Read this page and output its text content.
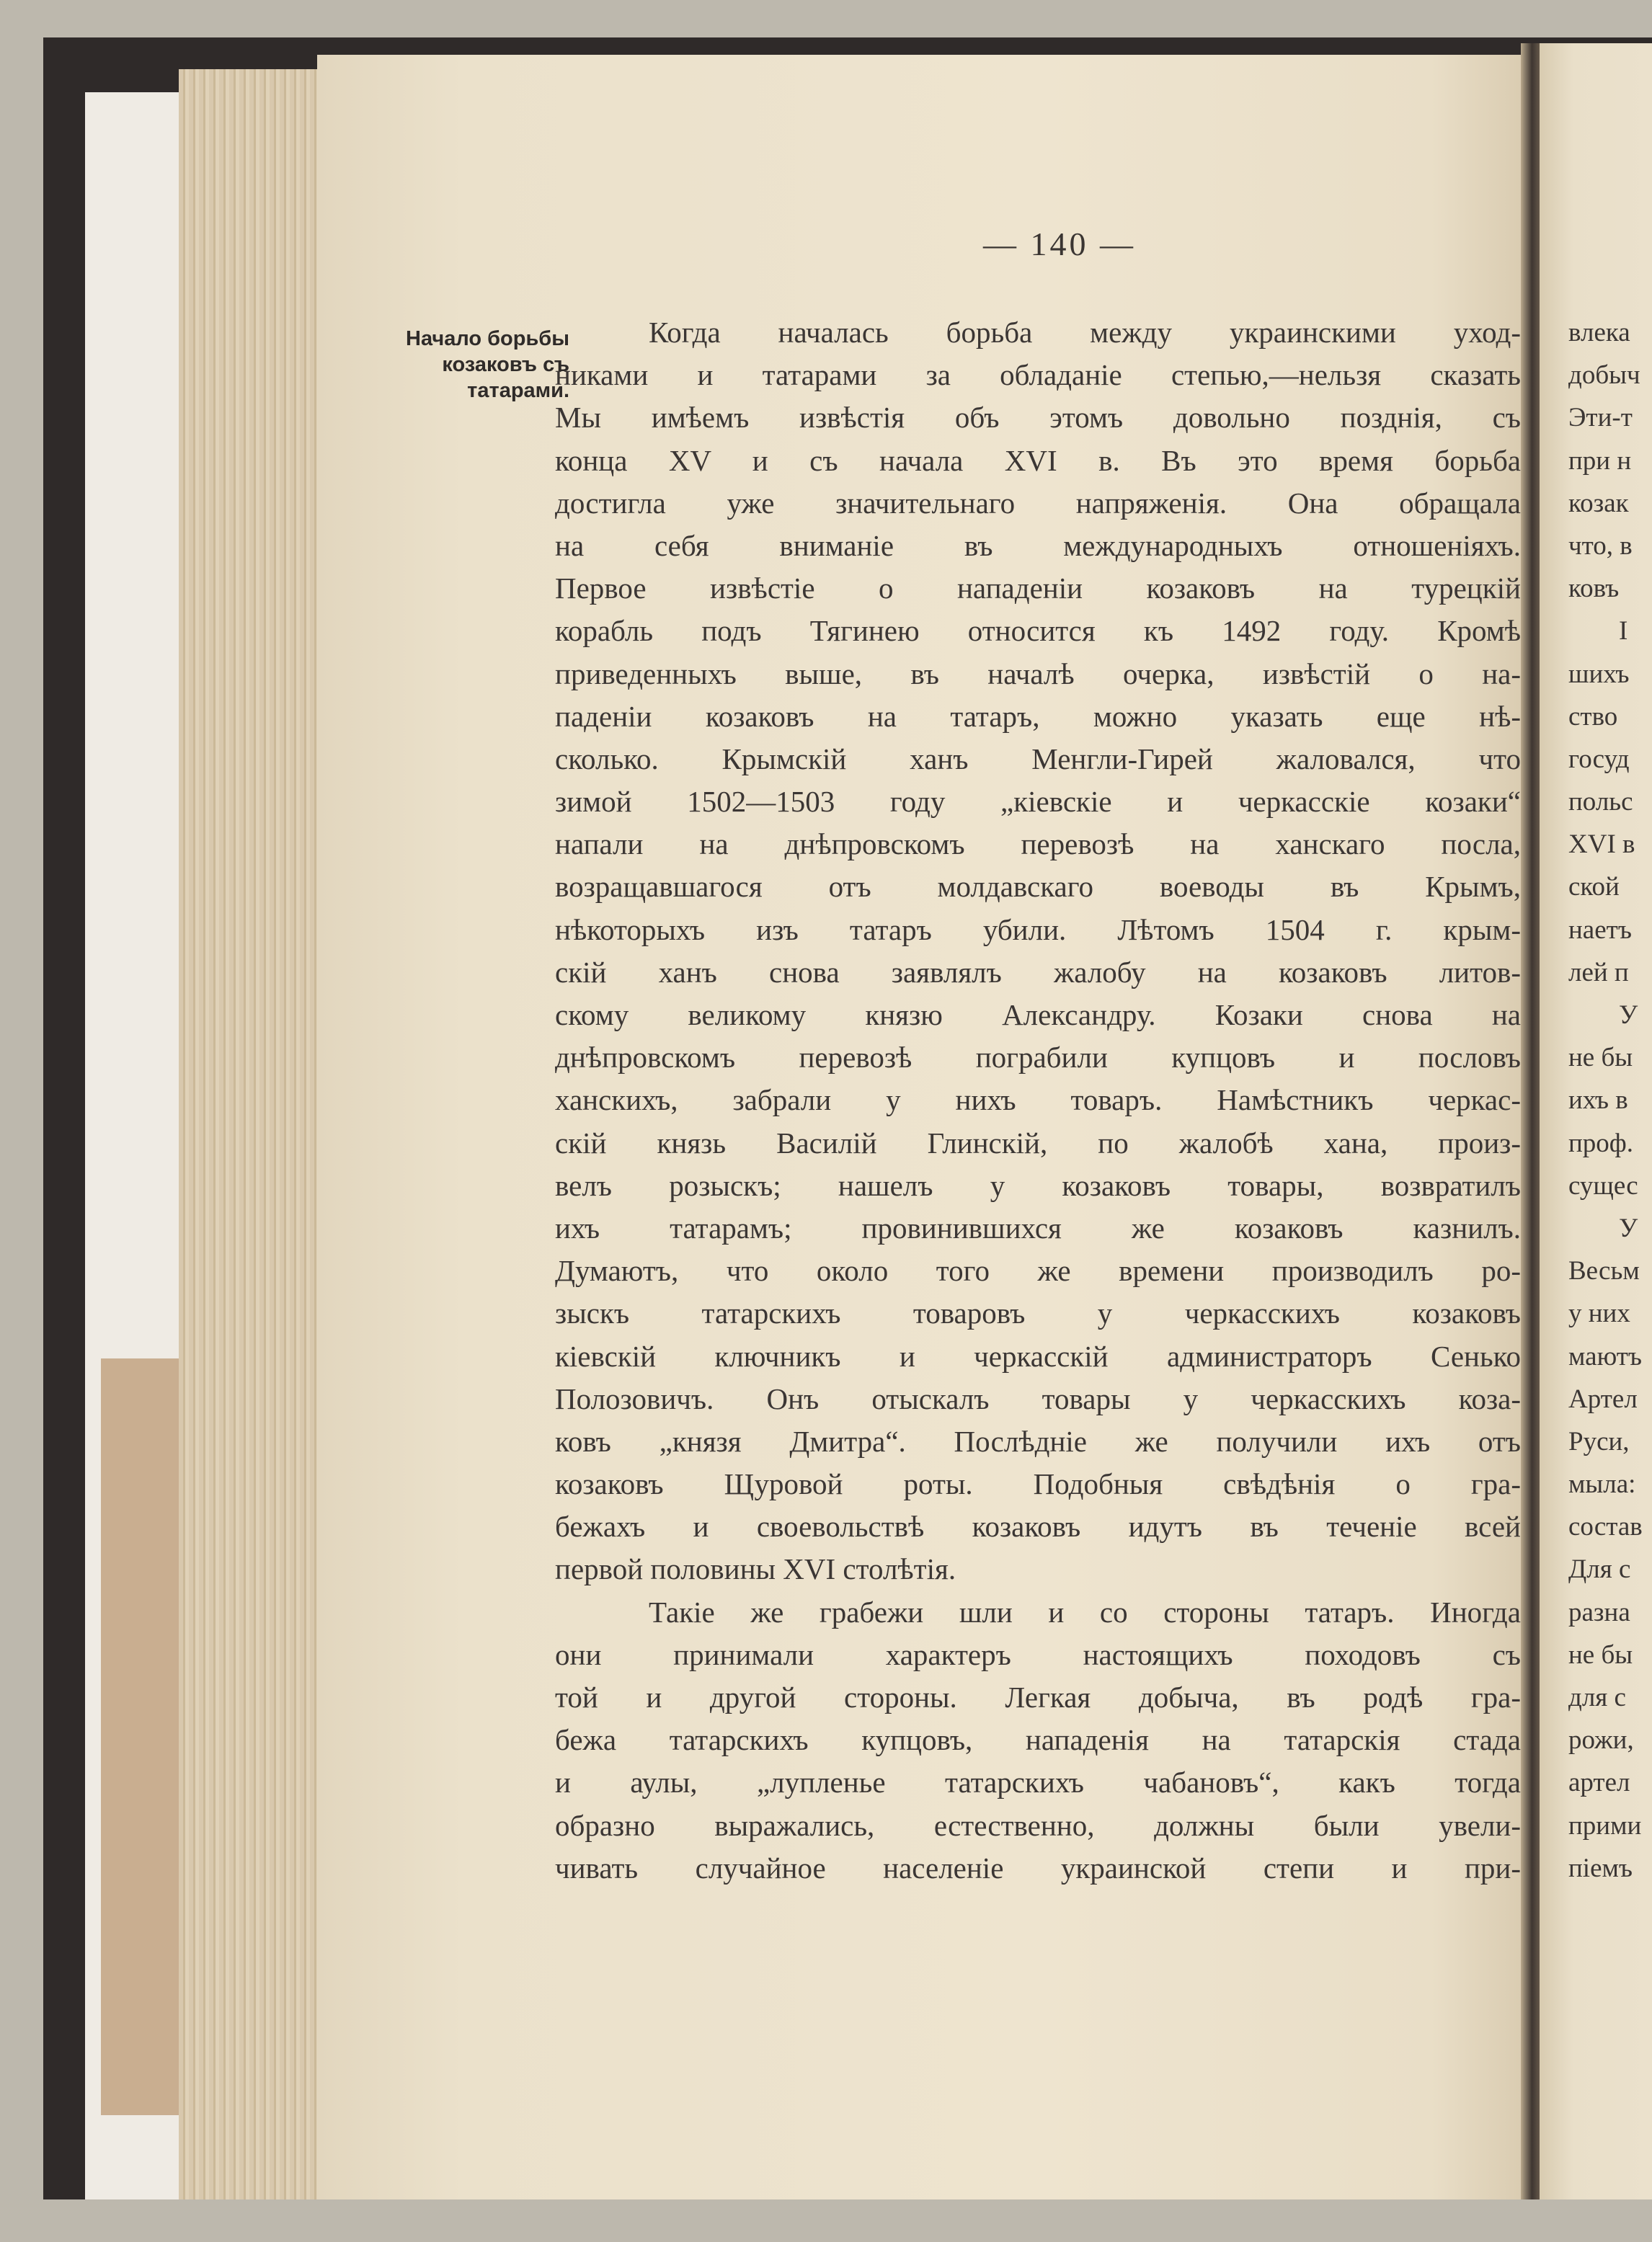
— 140 —
Начало борьбы
козаковъ съ
татарами.
Когда началась борьба между украинскими уход-
никами и татарами за обладаніе степью,—нельзя сказать
Мы имѣемъ извѣстія объ этомъ довольно позднія, съ
конца XV и съ начала XVI в. Въ это время борьба
достигла уже значительнаго напряженія. Она обращала
на себя вниманіе въ международныхъ отношеніяхъ.
Первое извѣстіе о нападеніи козаковъ на турецкій
корабль подъ Тягинею относится къ 1492 году. Кромѣ
приведенныхъ выше, въ началѣ очерка, извѣстій о на-
паденіи козаковъ на татаръ, можно указать еще нѣ-
сколько. Крымскій ханъ Менгли-Гирей жаловался, что
зимой 1502—1503 году „кіевскіе и черкасскіе козаки“
напали на днѣпровскомъ перевозѣ на ханскаго посла,
возращавшагося отъ молдавскаго воеводы въ Крымъ,
нѣкоторыхъ изъ татаръ убили. Лѣтомъ 1504 г. крым-
скій ханъ снова заявлялъ жалобу на козаковъ литов-
скому великому князю Александру. Козаки снова на
днѣпровскомъ перевозѣ пограбили купцовъ и пословъ
ханскихъ, забрали у нихъ товаръ. Намѣстникъ черкас-
скій князь Василій Глинскій, по жалобѣ хана, произ-
велъ розыскъ; нашелъ у козаковъ товары, возвратилъ
ихъ татарамъ; провинившихся же козаковъ казнилъ.
Думаютъ, что около того же времени производилъ ро-
зыскъ татарскихъ товаровъ у черкасскихъ козаковъ
кіевскій ключникъ и черкасскій администраторъ Сенько
Полозовичъ. Онъ отыскалъ товары у черкасскихъ коза-
ковъ „князя Дмитра“. Послѣдніе же получили ихъ отъ
козаковъ Щуровой роты. Подобныя свѣдѣнія о гра-
бежахъ и своевольствѣ козаковъ идутъ въ теченіе всей
первой половины XVI столѣтія.
Такіе же грабежи шли и со стороны татаръ. Иногда
они принимали характеръ настоящихъ походовъ съ
той и другой стороны. Легкая добыча, въ родѣ гра-
бежа татарскихъ купцовъ, нападенія на татарскія стада
и аулы, „лупленье татарскихъ чабановъ“, какъ тогда
образно выражались, естественно, должны были увели-
чивать случайное населеніе украинской степи и при-
влека
добыч
Эти-т
при н
козак
что, в
ковъ
I
шихъ
ство
госуд
польс
XVI в
ской
наетъ
лей п
У
не бы
ихъ в
проф.
сущес
У
Весьм
у них
маютъ
Артел
Руси,
мыла:
состав
Для с
разна
не бы
для с
рожи,
артел
прими
піемъ
